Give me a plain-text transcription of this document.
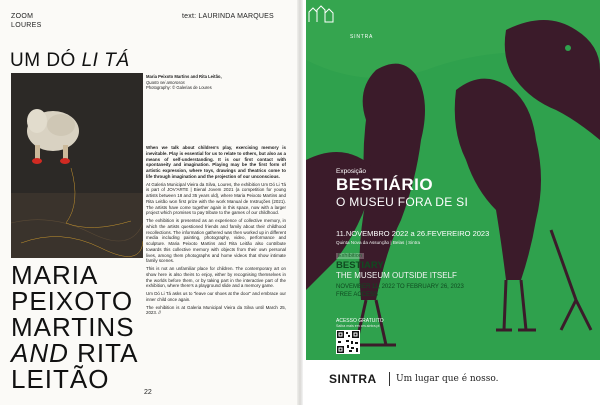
ZOOM
LOURES
text: LAURINDA MARQUES
UM DÓ LI TÁ
Maria Peixoto Martins and Rita Leitão,
Quarto sei amorosos
Photography: © Galerias de Loures

When we talk about children's play, exercising memory is inevitable. Play is essential for us to relate to others, but also as a means of self-understanding. It is our first contact with spontaneity and imagination. Playing may be the first form of artistic expression, where toys, drawings and theatrics come to life through imagination and the projection of our unconscious.

At Galeria Municipal Vieira da Silva, Loures, the exhibition Um Dó Li Tá is part of JOV'ARTE | Bienal Jovem 2021 (a competition for young artists between 18 and 35 years old), where Maria Peixoto Martins and Rita Leitão won first prize with the work Manual de Instruções (2021). The artists have come together again in this space, now with a larger project which promises to pay tribute to the games of our childhood.

The exhibition is presented as an experience of collective memory, in which the artists questioned friends and family about their childhood recollections. The information gathered was then worked up in different media including painting, photography, video, performance and sculpture. Maria Peixoto Martins and Rita Leitão also contribute towards this collective memory with objects from their own personal lives, among them photographs and home videos that show intimate family scenes.

This is not an unfamiliar place for children. The contemporary art on show here is also theirs to enjoy, either by recognising themselves in the worlds before them, or by taking part in the interactive part of the exhibition, where there's a playground slide and a memory game.

Um Dó Li Tá asks us to "leave our shoes at the door" and embrace our inner child once again.

The exhibition is at Galeria Municipal Vieira da Silva until March 25, 2023. //

MARIA
PEIXOTO
MARTINS
AND RITA
LEITÃO	22
SINTRA
Exposição
BESTIÁRIO
O MUSEU FORA DE SI
11.NOVEMBRO 2022 a 26.FEVEREIRO 2023
Quinta Nova da Assunção | Belas | Sintra
Exhibition
BESTIARY
THE MUSEUM OUTSIDE ITSELF
NOVEMBER 11, 2022 TO FEBRUARY 26, 2023
FREE ACCESS
ACESSO GRATUITO
Saiba mais em cm-sintra.pt
SINTRA Um lugar que é nosso.
